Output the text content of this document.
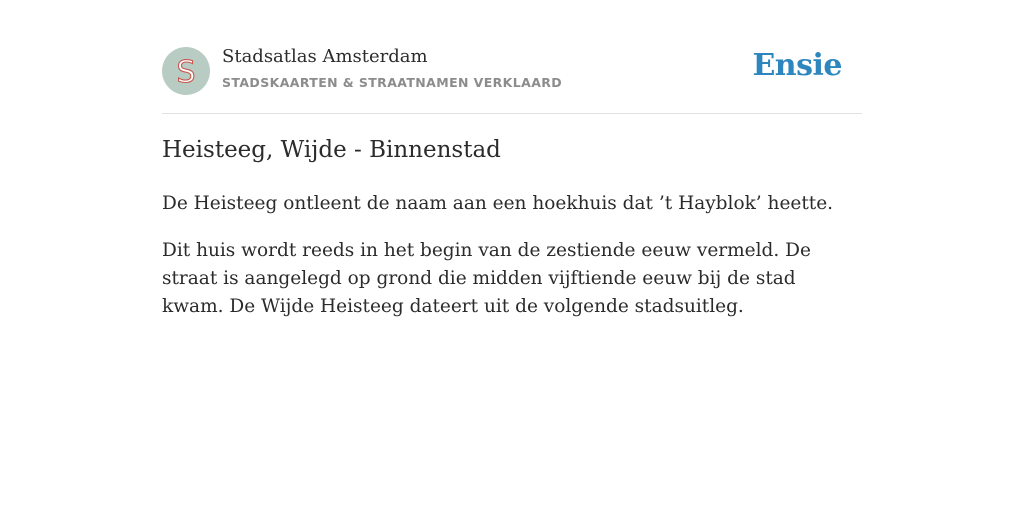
S Stadsatlas Amsterdam
STADSKAARTEN & STRAATNAMEN VERKLAARD	Ensie
Heisteeg, Wijde - Binnenstad

De Heisteeg ontleent de naam aan een hoekhuis dat ’t Hayblok’ heette.

Dit huis wordt reeds in het begin van de zestiende eeuw vermeld. De straat is aangelegd op grond die midden vijftiende eeuw bij de stad kwam. De Wijde Heisteeg dateert uit de volgende stadsuitleg.
